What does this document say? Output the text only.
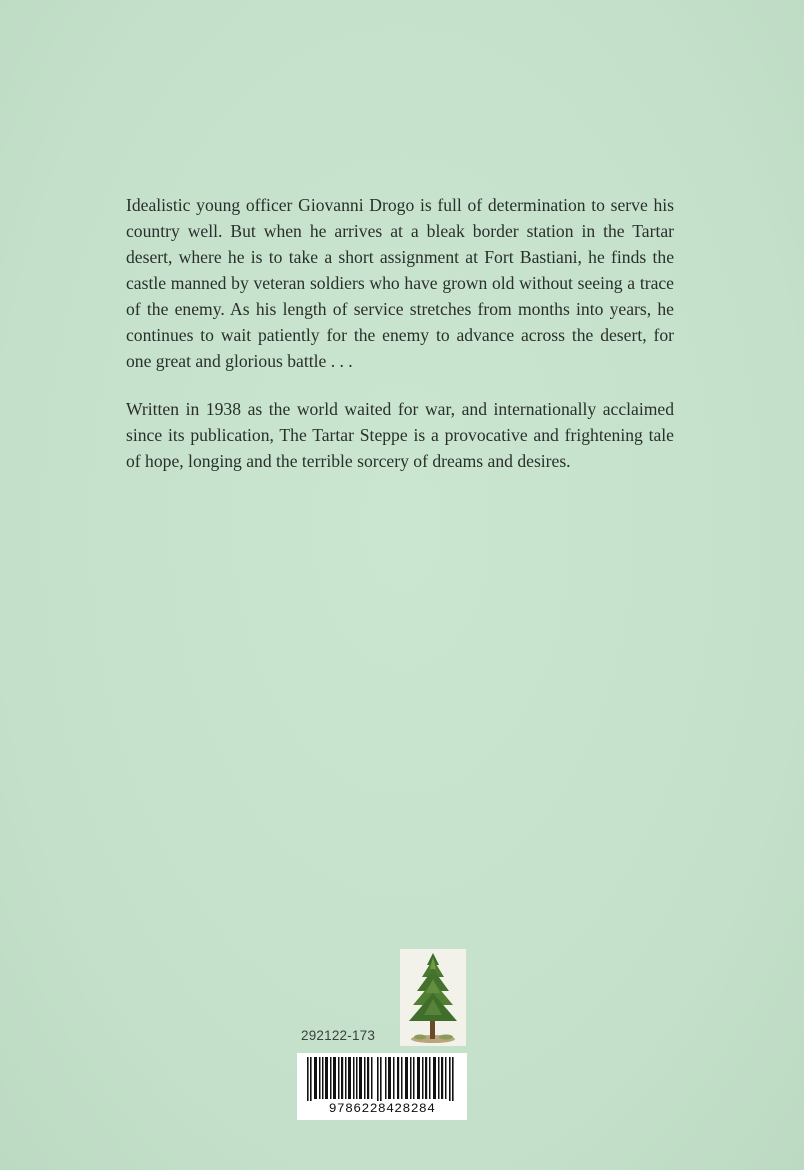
Idealistic young officer Giovanni Drogo is full of determination to serve his country well. But when he arrives at a bleak border station in the Tartar desert, where he is to take a short assignment at Fort Bastiani, he finds the castle manned by veteran soldiers who have grown old without seeing a trace of the enemy. As his length of service stretches from months into years, he continues to wait patiently for the enemy to advance across the desert, for one great and glorious battle . . .

Written in 1938 as the world waited for war, and internationally acclaimed since its publication, The Tartar Steppe is a provocative and frightening tale of hope, longing and the terrible sorcery of dreams and desires.

292122-173
9786228428284
